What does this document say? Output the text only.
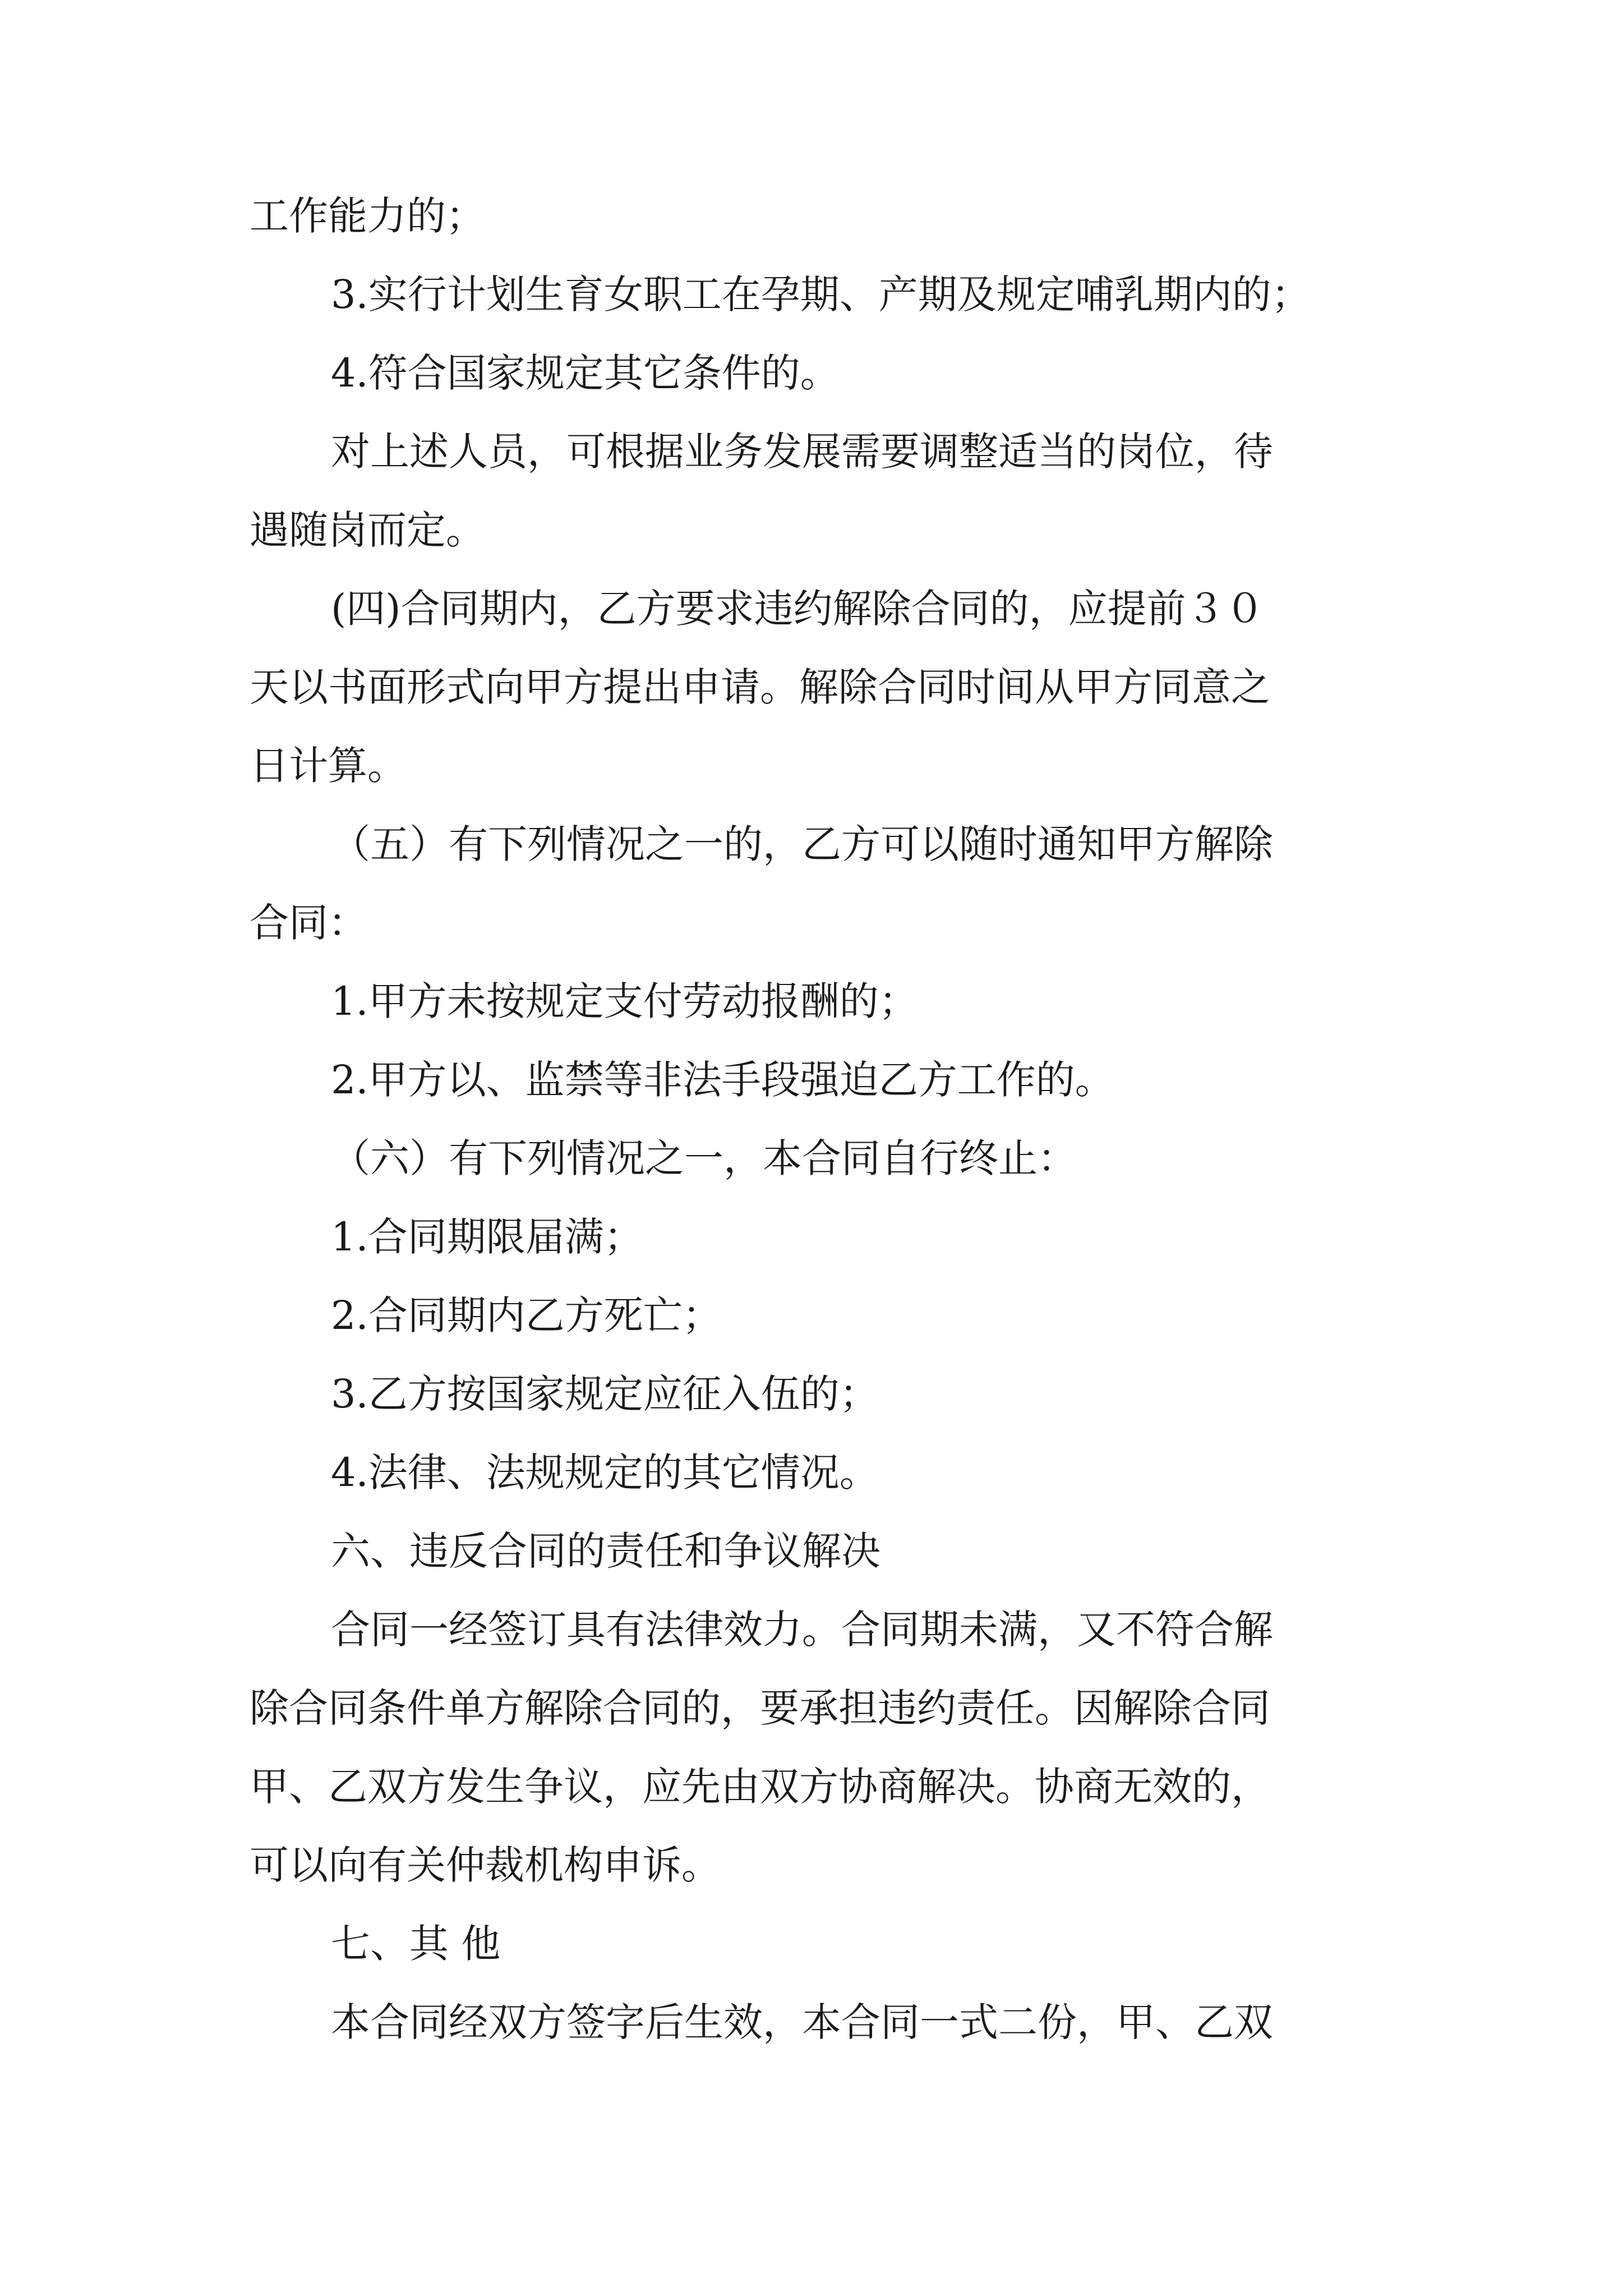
工作能力的；
3.实行计划生育女职工在孕期、产期及规定哺乳期内的；
4.符合国家规定其它条件的。
对上述人员，可根据业务发展需要调整适当的岗位，待
遇随岗而定。
(四)合同期内，乙方要求违约解除合同的，应提前３０
天以书面形式向甲方提出申请。解除合同时间从甲方同意之
日计算。
（五）有下列情况之一的，乙方可以随时通知甲方解除
合同：
1.甲方未按规定支付劳动报酬的；
2.甲方以、监禁等非法手段强迫乙方工作的。
（六）有下列情况之一，本合同自行终止：
1.合同期限届满；
2.合同期内乙方死亡；
3.乙方按国家规定应征入伍的；
4.法律、法规规定的其它情况。
六、违反合同的责任和争议解决
合同一经签订具有法律效力。合同期未满，又不符合解
除合同条件单方解除合同的，要承担违约责任。因解除合同
甲、乙双方发生争议，应先由双方协商解决。协商无效的，
可以向有关仲裁机构申诉。
七、其 他
本合同经双方签字后生效，本合同一式二份，甲、乙双
